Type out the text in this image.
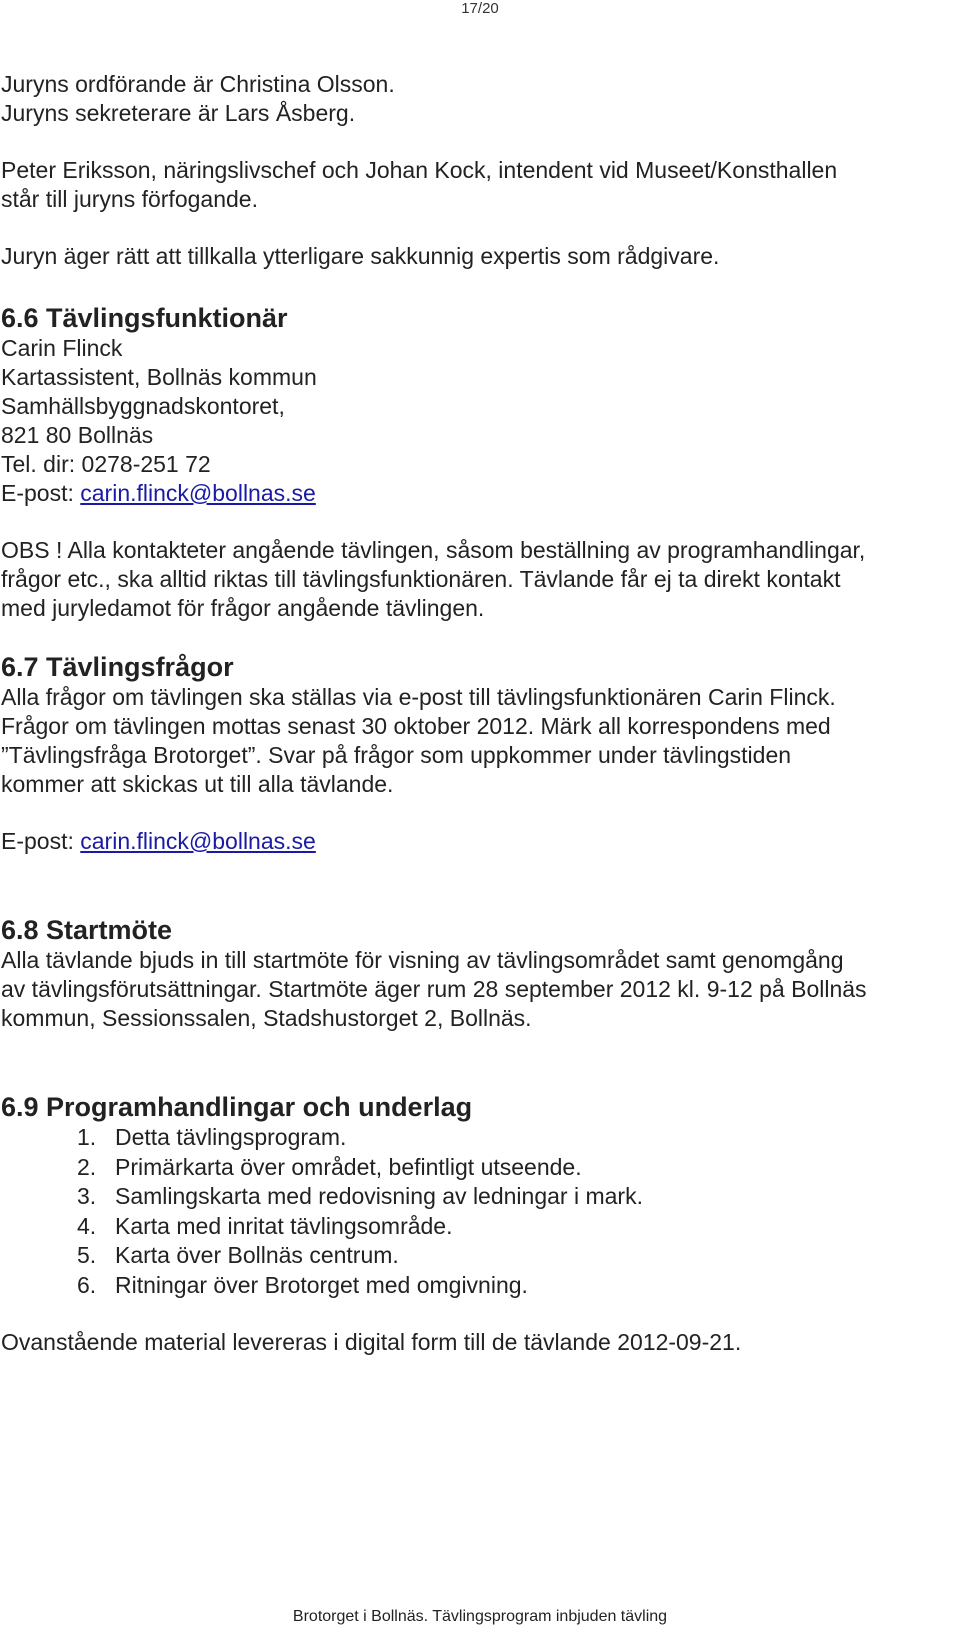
17/20

Juryns ordförande är Christina Olsson.

Juryns sekreterare är Lars Åsberg.

Peter Eriksson, näringslivschef och Johan Kock, intendent vid Museet/Konsthallen

står till juryns förfogande.

Juryn äger rätt att tillkalla ytterligare sakkunnig expertis som rådgivare.

6.6 Tävlingsfunktionär

Carin Flinck

Kartassistent, Bollnäs kommun

Samhällsbyggnadskontoret,

821 80 Bollnäs

Tel. dir: 0278-251 72

E-post: carin.flinck@bollnas.se

OBS ! Alla kontakteter angående tävlingen, såsom beställning av programhandlingar,

frågor etc., ska alltid riktas till tävlingsfunktionären. Tävlande får ej ta direkt kontakt

med juryledamot för frågor angående tävlingen.

6.7 Tävlingsfrågor

Alla frågor om tävlingen ska ställas via e-post till tävlingsfunktionären Carin Flinck.

Frågor om tävlingen mottas senast 30 oktober 2012. Märk all korrespondens med

”Tävlingsfråga Brotorget”. Svar på frågor som uppkommer under tävlingstiden

kommer att skickas ut till alla tävlande.

E-post: carin.flinck@bollnas.se

6.8 Startmöte

Alla tävlande bjuds in till startmöte för visning av tävlingsområdet samt genomgång

av tävlingsförutsättningar. Startmöte äger rum 28 september 2012 kl. 9-12 på Bollnäs

kommun, Sessionssalen, Stadshustorget 2, Bollnäs.

6.9 Programhandlingar och underlag

1. Detta tävlingsprogram.
2. Primärkarta över området, befintligt utseende.
3. Samlingskarta med redovisning av ledningar i mark.
4. Karta med inritat tävlingsområde.
5. Karta över Bollnäs centrum.
6. Ritningar över Brotorget med omgivning.

Ovanstående material levereras i digital form till de tävlande 2012-09-21.

Brotorget i Bollnäs. Tävlingsprogram inbjuden tävling
